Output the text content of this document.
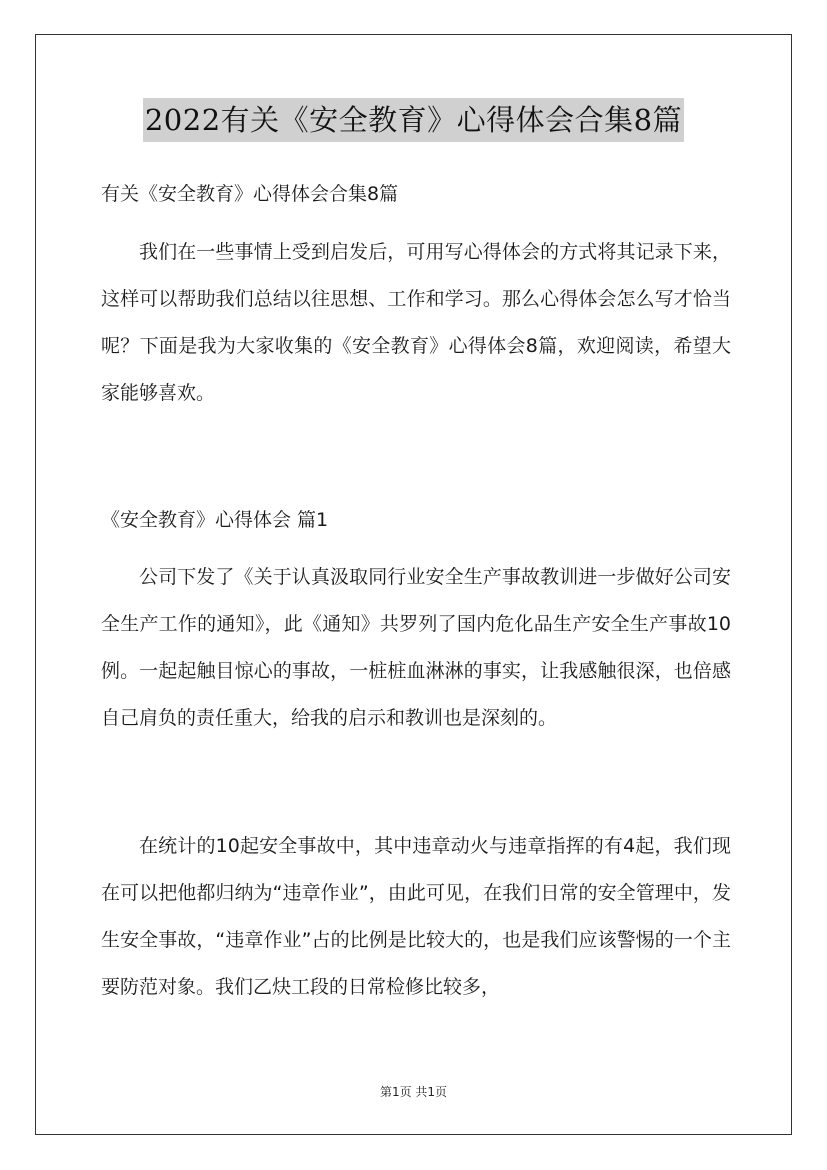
2022有关《安全教育》心得体会合集8篇

有关《安全教育》心得体会合集8篇

我们在一些事情上受到启发后，可用写心得体会的方式将其记录下来，这样可以帮助我们总结以往思想、工作和学习。那么心得体会怎么写才恰当呢？下面是我为大家收集的《安全教育》心得体会8篇，欢迎阅读，希望大家能够喜欢。

《安全教育》心得体会 篇1

公司下发了《关于认真汲取同行业安全生产事故教训进一步做好公司安全生产工作的通知》，此《通知》共罗列了国内危化品生产安全生产事故10例。一起起触目惊心的事故，一桩桩血淋淋的事实，让我感触很深，也倍感自己肩负的责任重大，给我的启示和教训也是深刻的。

在统计的10起安全事故中，其中违章动火与违章指挥的有4起，我们现在可以把他都归纳为“违章作业”，由此可见，在我们日常的安全管理中，发生安全事故，“违章作业”占的比例是比较大的，也是我们应该警惕的一个主要防范对象。我们乙炔工段的日常检修比较多，

第1页 共1页
